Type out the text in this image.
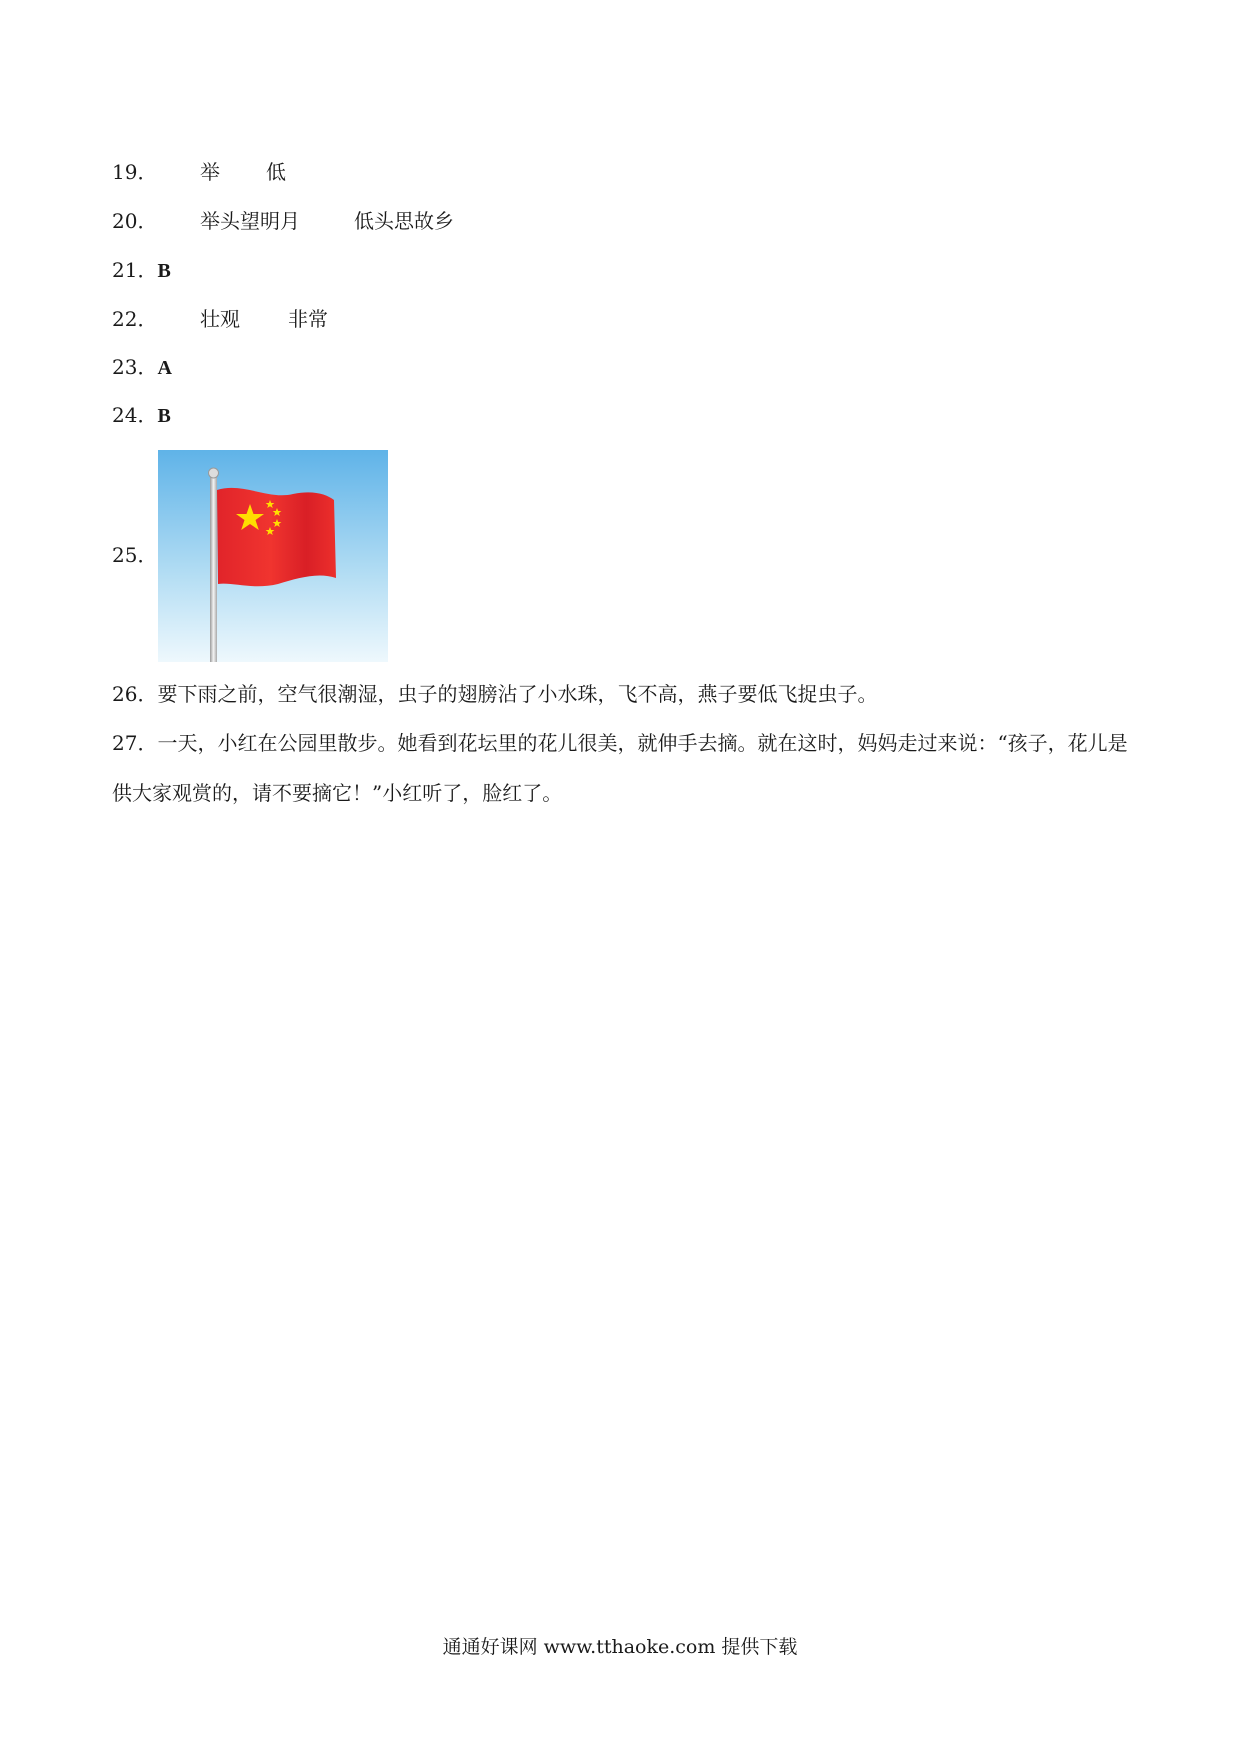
19． 举 低
20． 举头望明月	低头思故乡
21．B
22． 壮观 非常
23．A
24．B
25．
26．要下雨之前，空气很潮湿，虫子的翅膀沾了小水珠，飞不高，燕子要低飞捉虫子。
27．一天，小红在公园里散步。她看到花坛里的花儿很美，就伸手去摘。就在这时，妈妈走过来说：“孩子，花儿是供大家观赏的，请不要摘它！”小红听了，脸红了。
通通好课网 www.tthaoke.com 提供下载
